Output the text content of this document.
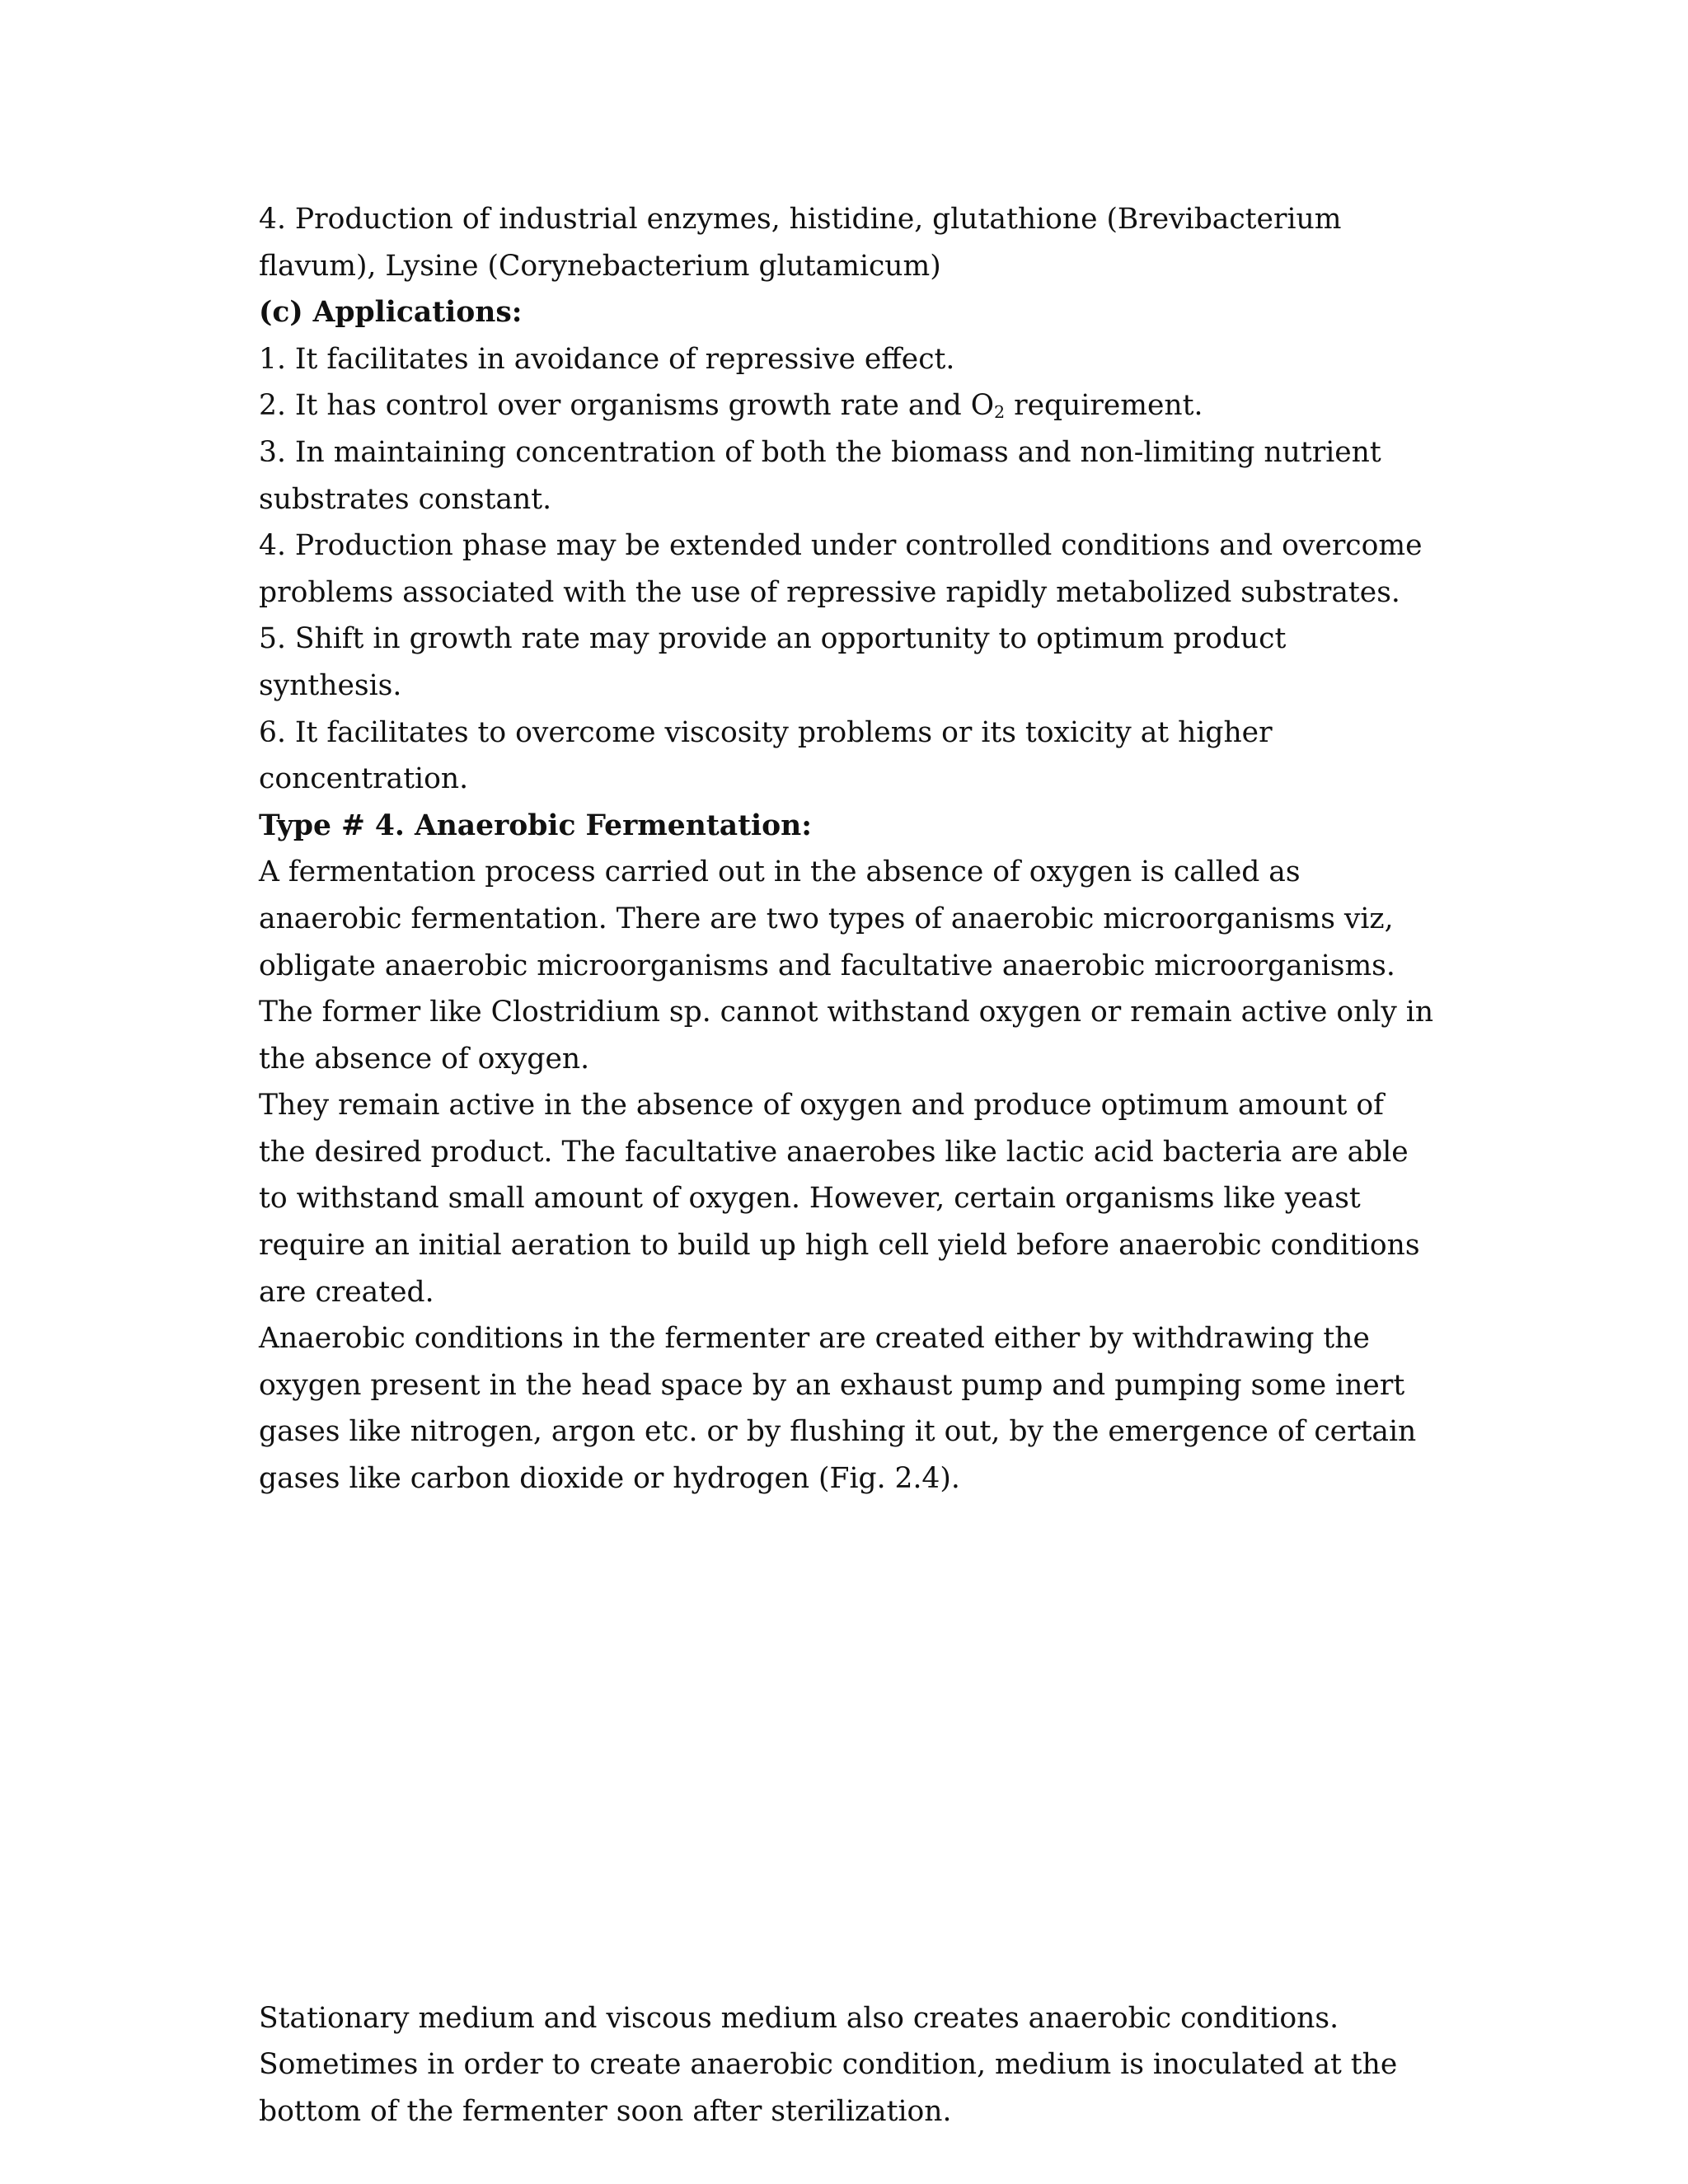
4. Production of industrial enzymes, histidine, glutathione (Brevibacterium flavum), Lysine (Corynebacterium glutamicum)

(c) Applications:

1. It facilitates in avoidance of repressive effect.

2. It has control over organisms growth rate and $O_2$ requirement.

3. In maintaining concentration of both the biomass and non-limiting nutrient substrates constant.

4. Production phase may be extended under controlled conditions and overcome problems associated with the use of repressive rapidly metabolized substrates.

5. Shift in growth rate may provide an opportunity to optimum product synthesis.

6. It facilitates to overcome viscosity problems or its toxicity at higher concentration.

Type # 4. Anaerobic Fermentation:

A fermentation process carried out in the absence of oxygen is called as anaerobic fermentation. There are two types of anaerobic microorganisms viz, obligate anaerobic microorganisms and facultative anaerobic microorganisms. The former like Clostridium sp. cannot withstand oxygen or remain active only in the absence of oxygen.

They remain active in the absence of oxygen and produce optimum amount of the desired product. The facultative anaerobes like lactic acid bacteria are able to withstand small amount of oxygen. However, certain organisms like yeast require an initial aeration to build up high cell yield before anaerobic conditions are created.

Anaerobic conditions in the fermenter are created either by withdrawing the oxygen present in the head space by an exhaust pump and pumping some inert gases like nitrogen, argon etc. or by flushing it out, by the emergence of certain gases like carbon dioxide or hydrogen (Fig. 2.4).

Stationary medium and viscous medium also creates anaerobic conditions. Sometimes in order to create anaerobic condition, medium is inoculated at the bottom of the fermenter soon after sterilization.
